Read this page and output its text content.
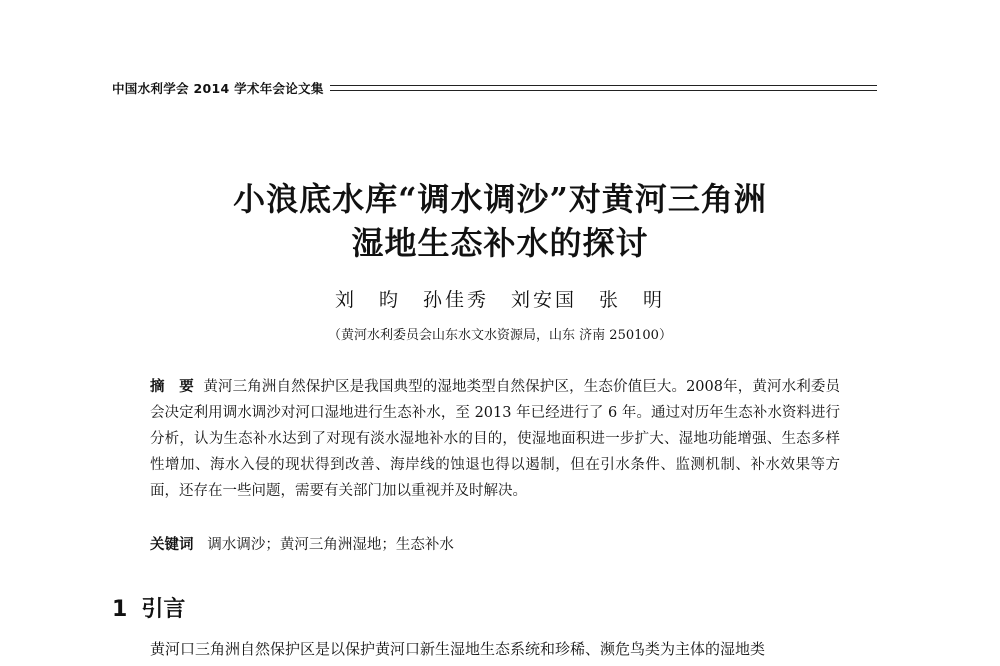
中国水利学会 2014 学术年会论文集
小浪底水库“调水调沙”对黄河三角洲
湿地生态补水的探讨
刘　昀　孙佳秀　刘安国　张　明
（黄河水利委员会山东水文水资源局，山东 济南 250100）
摘　要 黄河三角洲自然保护区是我国典型的湿地类型自然保护区，生态价值巨大。2008年，黄河水利委员会决定利用调水调沙对河口湿地进行生态补水，至 2013 年已经进行了 6 年。通过对历年生态补水资料进行分析，认为生态补水达到了对现有淡水湿地补水的目的，使湿地面积进一步扩大、湿地功能增强、生态多样性增加、海水入侵的现状得到改善、海岸线的蚀退也得以遏制，但在引水条件、监测机制、补水效果等方面，还存在一些问题，需要有关部门加以重视并及时解决。
关键词 调水调沙；黄河三角洲湿地；生态补水
1 引言
黄河口三角洲自然保护区是以保护黄河口新生湿地生态系统和珍稀、濒危鸟类为主体的湿地类
